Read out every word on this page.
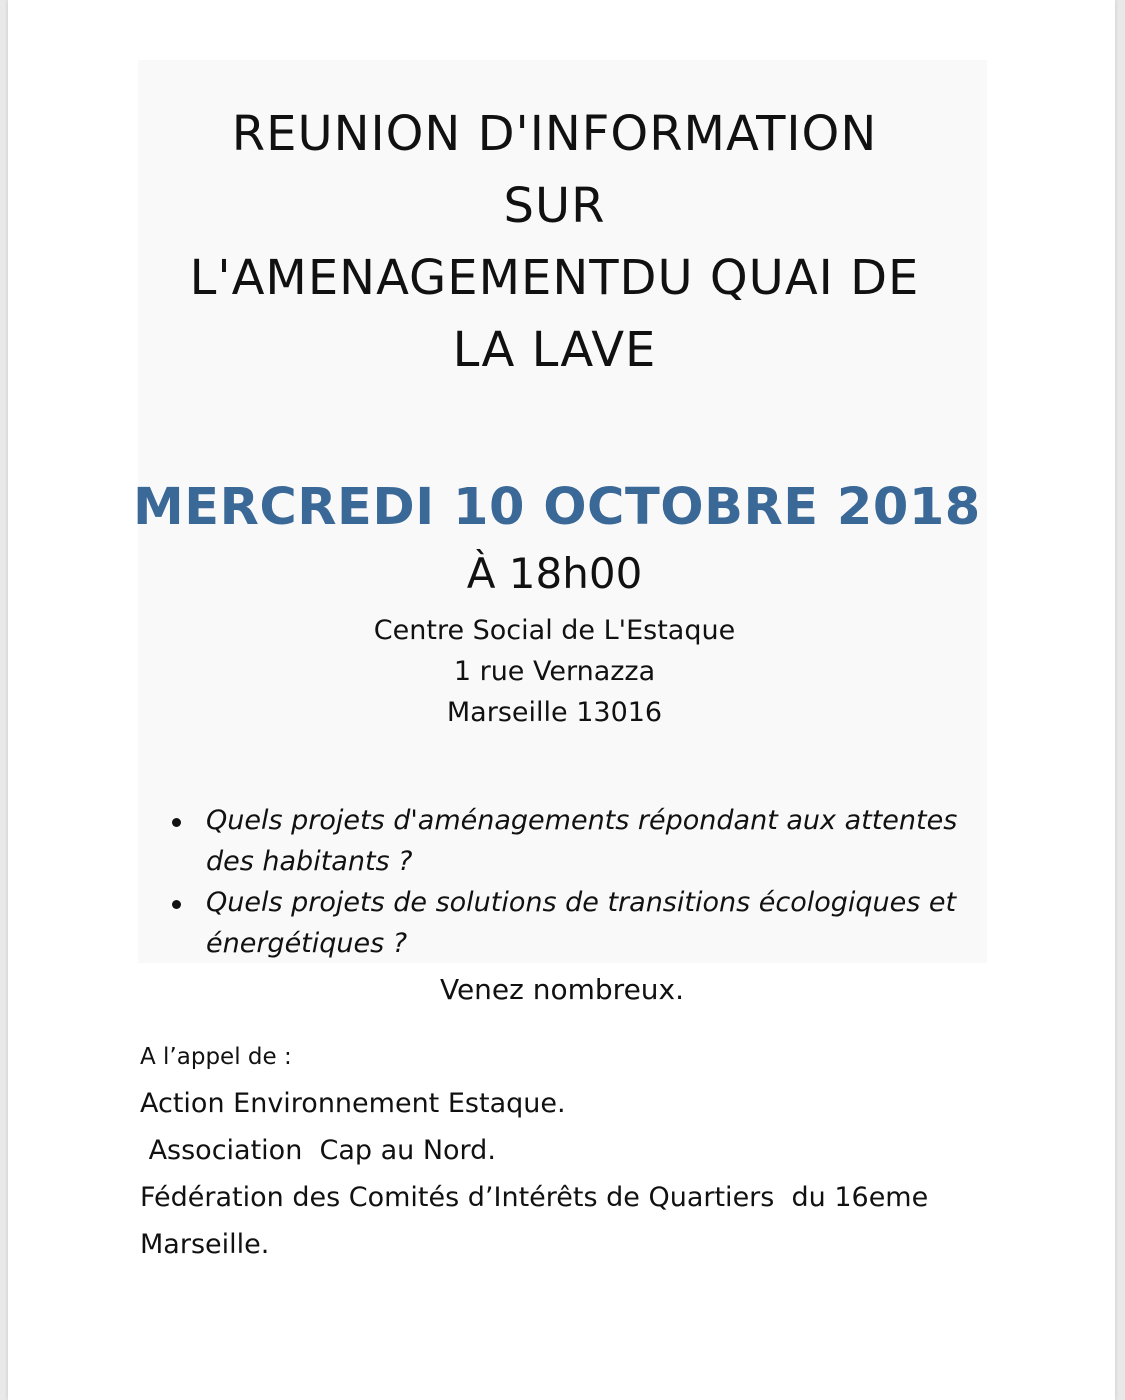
REUNION D'INFORMATION
SUR
L'AMENAGEMENTDU QUAI DE
LA LAVE
MERCREDI 10 OCTOBRE 2018
À 18h00
Centre Social de L'Estaque
1 rue Vernazza
Marseille 13016
Quels projets d'aménagements répondant aux attentes des habitants ?
Quels projets de solutions de transitions écologiques et énergétiques ?
Venez nombreux.
A l’appel de :
Action Environnement Estaque.
Association  Cap au Nord.
Fédération des Comités d’Intérêts de Quartiers  du 16eme
Marseille.
